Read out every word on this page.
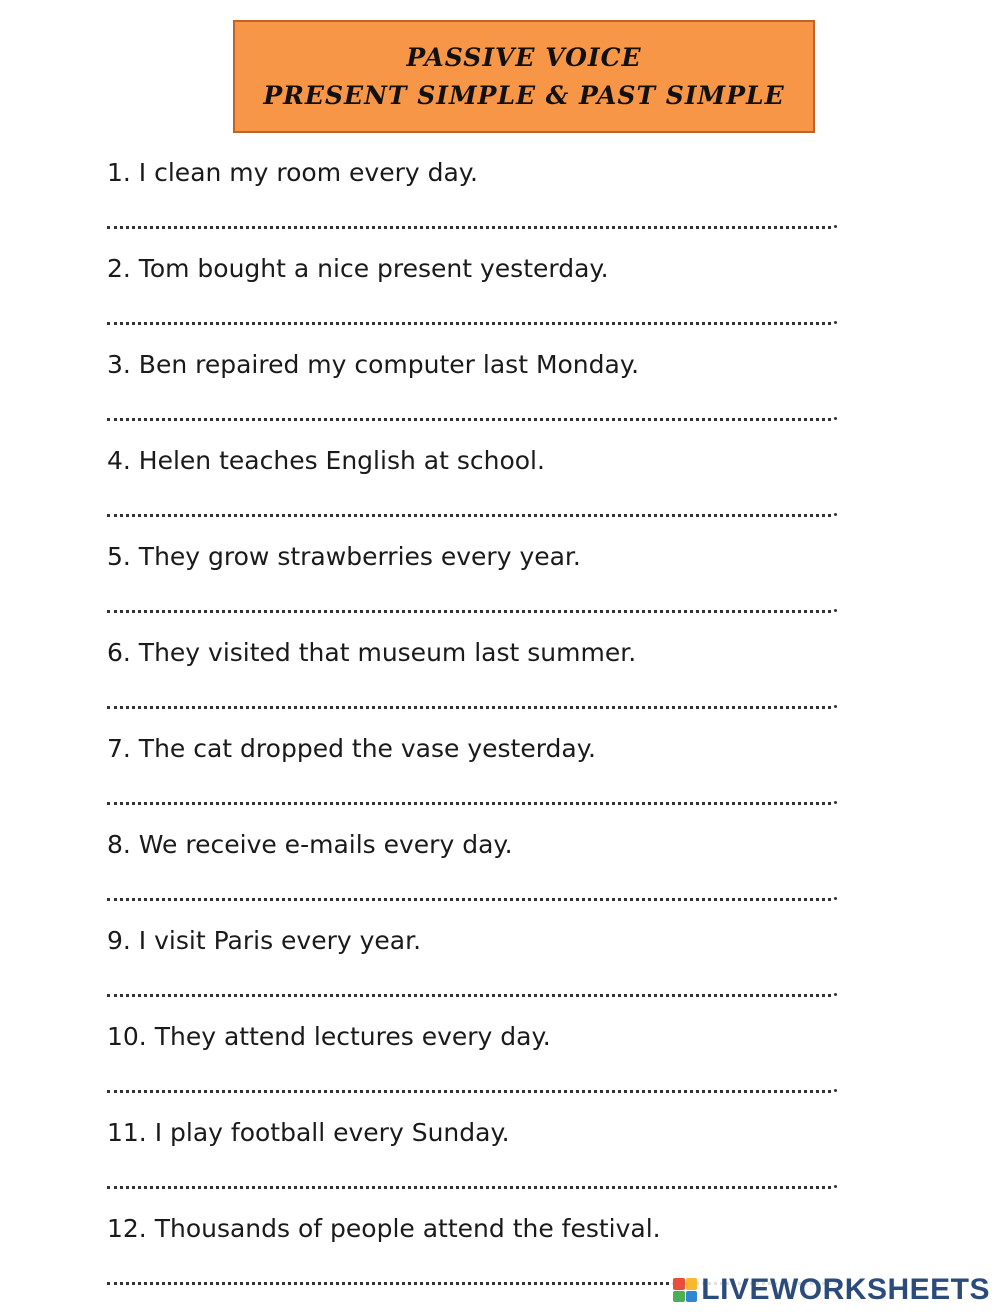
PASSIVE VOICE
PRESENT SIMPLE & PAST SIMPLE
1. I clean my room every day.
2. Tom bought a nice present yesterday.
3. Ben repaired my computer last Monday.
4. Helen teaches English at school.
5. They grow strawberries every year.
6. They visited that museum last summer.
7. The cat dropped the vase yesterday.
8. We receive e-mails every day.
9. I visit Paris every year.
10. They attend lectures every day.
11. I play football every Sunday.
12. Thousands of people attend the festival.
LIVEWORKSHEETS
